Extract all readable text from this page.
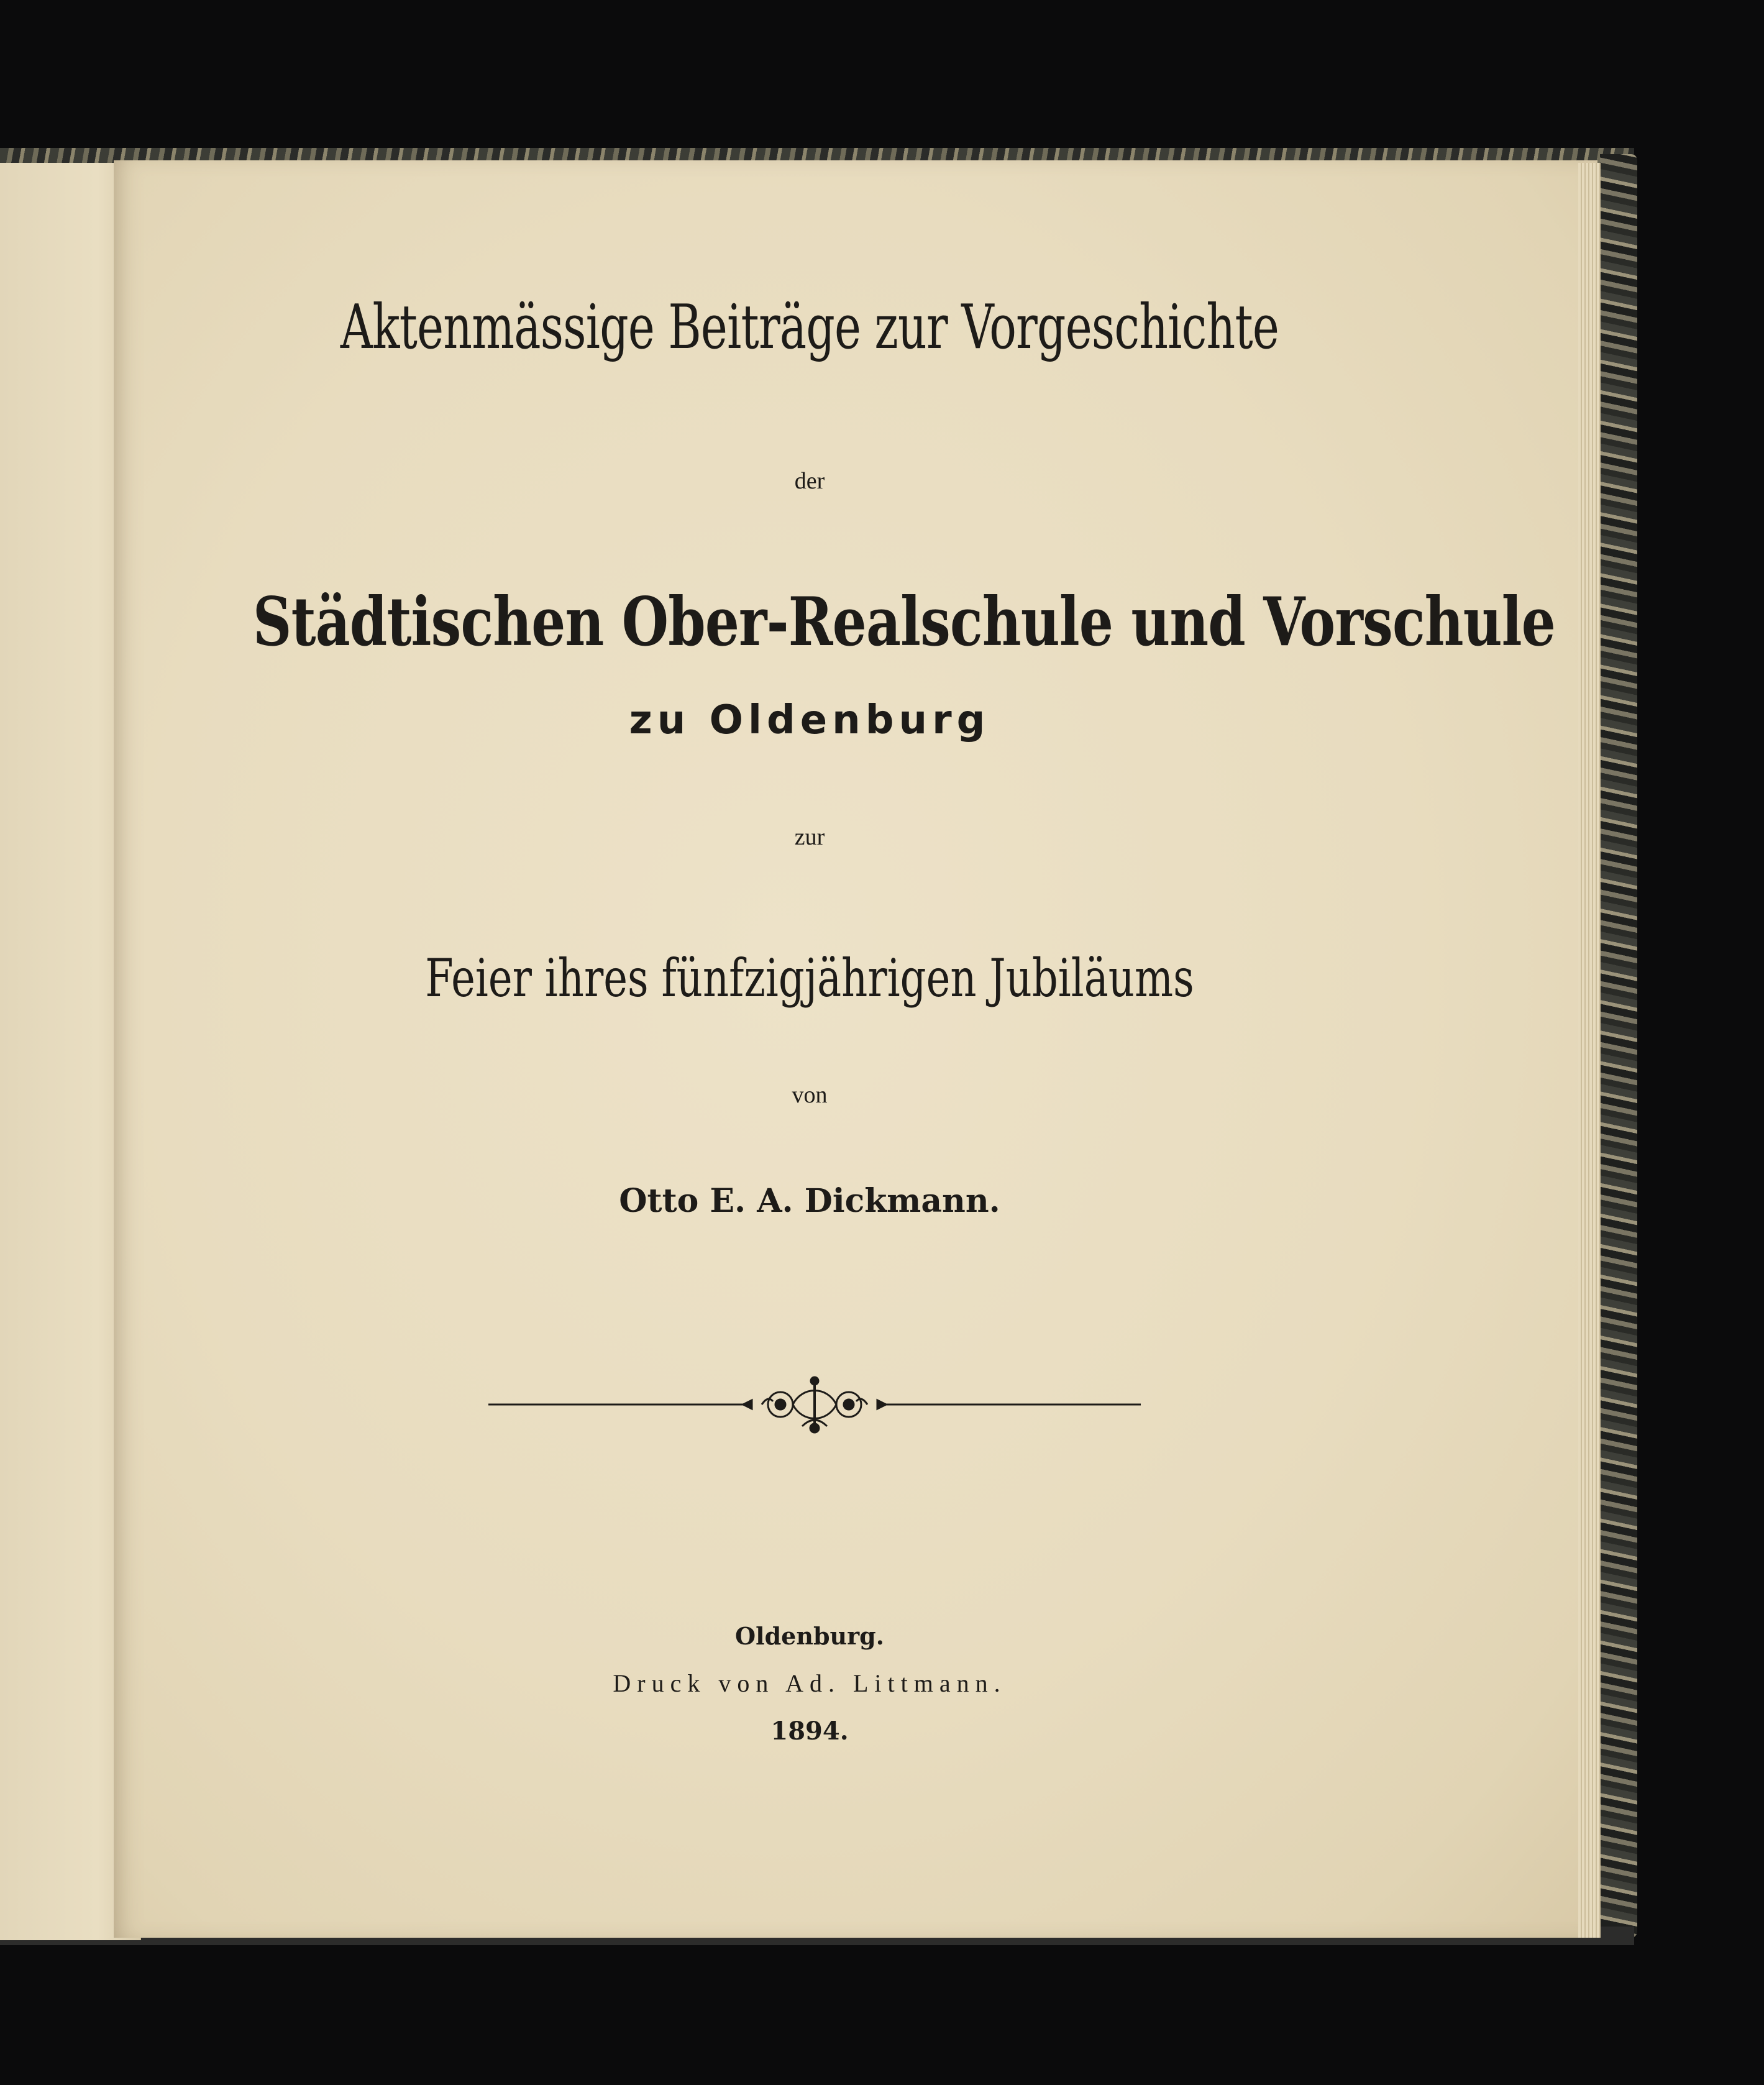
Aktenmässige Beiträge zur Vorgeschichte
der
Städtischen Ober-Realschule und Vorschule
zu Oldenburg
zur
Feier ihres fünfzigjährigen Jubiläums
von
Otto E. A. Dickmann.
Oldenburg.
Druck von Ad. Littmann.
1894.
